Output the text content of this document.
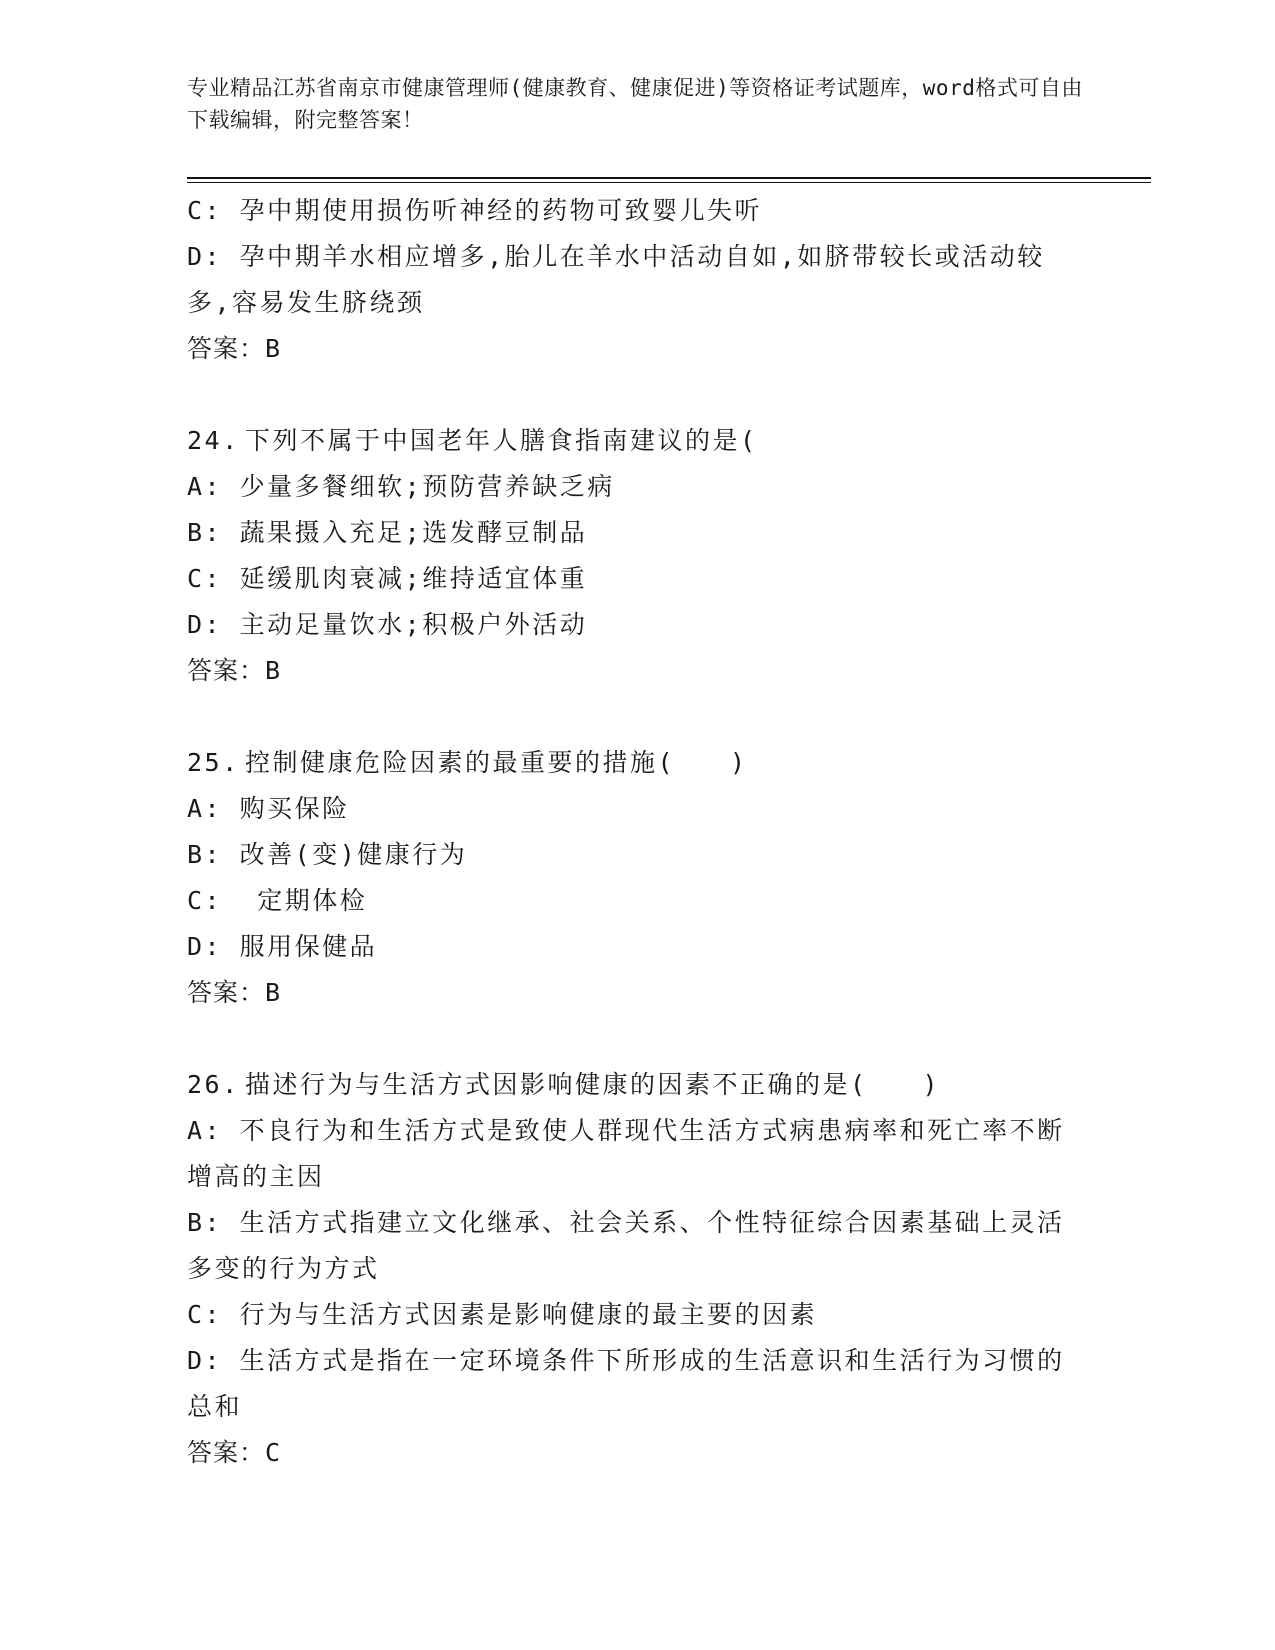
专业精品江苏省南京市健康管理师(健康教育、健康促进)等资格证考试题库，word格式可自由下载编辑，附完整答案！
C: 孕中期使用损伤听神经的药物可致婴儿失听
D: 孕中期羊水相应增多,胎儿在羊水中活动自如,如脐带较长或活动较多,容易发生脐绕颈
答案：B
24. 下列不属于中国老年人膳食指南建议的是(
A: 少量多餐细软;预防营养缺乏病
B: 蔬果摄入充足;选发酵豆制品
C: 延缓肌肉衰减;维持适宜体重
D: 主动足量饮水;积极户外活动
答案：B
25. 控制健康危险因素的最重要的措施(　　)
A: 购买保险
B: 改善(变)健康行为
C:  定期体检
D: 服用保健品
答案：B
26. 描述行为与生活方式因影响健康的因素不正确的是(　　)
A: 不良行为和生活方式是致使人群现代生活方式病患病率和死亡率不断增高的主因
B: 生活方式指建立文化继承、社会关系、个性特征综合因素基础上灵活多变的行为方式
C: 行为与生活方式因素是影响健康的最主要的因素
D: 生活方式是指在一定环境条件下所形成的生活意识和生活行为习惯的总和
答案：C
